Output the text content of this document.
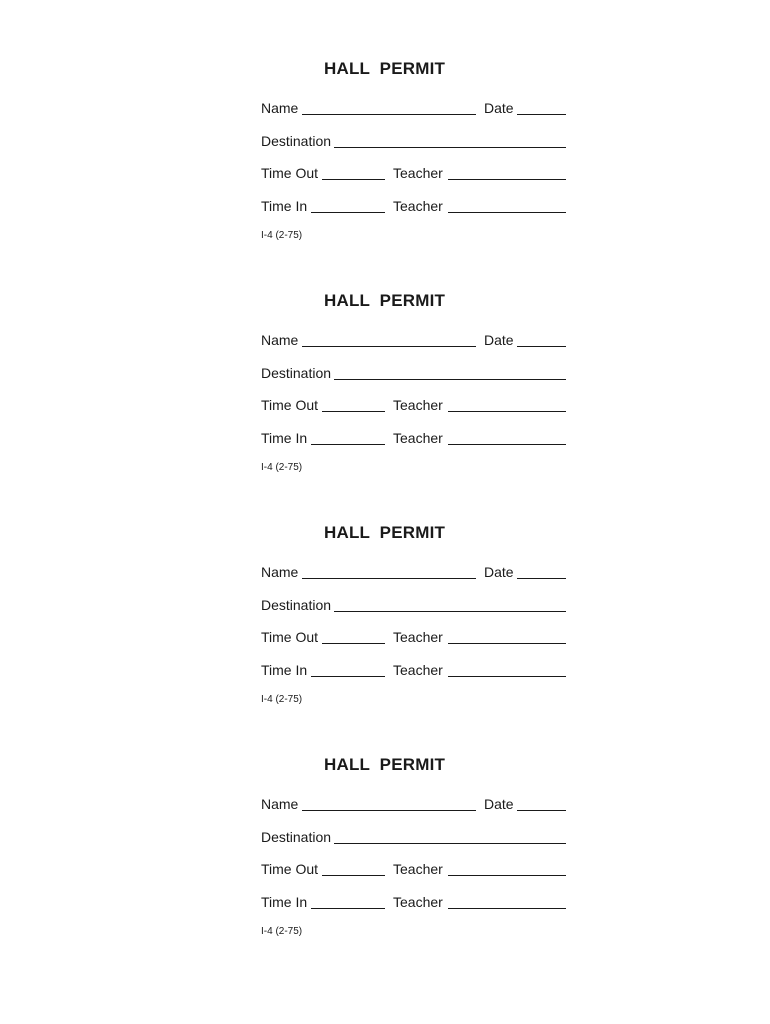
HALL  PERMIT
Name	Date
Destination
Time Out	Teacher
Time In	Teacher
I-4 (2-75)
HALL  PERMIT
Name	Date
Destination
Time Out	Teacher
Time In	Teacher
I-4 (2-75)
HALL  PERMIT
Name	Date
Destination
Time Out	Teacher
Time In	Teacher
I-4 (2-75)
HALL  PERMIT
Name	Date
Destination
Time Out	Teacher
Time In	Teacher
I-4 (2-75)
